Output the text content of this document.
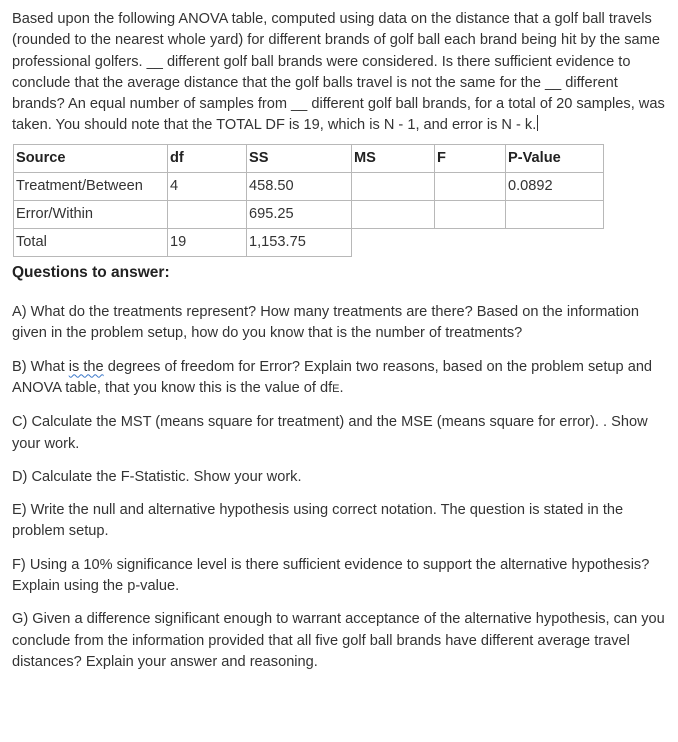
Based upon the following ANOVA table, computed using data on the distance that a golf ball travels (rounded to the nearest whole yard) for different brands of golf ball each brand being hit by the same professional golfers. __ different golf ball brands were considered. Is there sufficient evidence to conclude that the average distance that the golf balls travel is not the same for the __ different brands? An equal number of samples from __ different golf ball brands, for a total of 20 samples, was taken. You should note that the TOTAL DF is 19, which is N - 1, and error is N - k.

Source	df	SS	MS	F	P-Value
Treatment/Between	4	458.50			0.0892
Error/Within		695.25			
Total	19	1,153.75			
Questions to answer:

A) What do the treatments represent? How many treatments are there? Based on the information given in the problem setup, how do you know that is the number of treatments?

B) What is the degrees of freedom for Error? Explain two reasons, based on the problem setup and ANOVA table, that you know this is the value of dfE.

C) Calculate the MST (means square for treatment) and the MSE (means square for error). . Show your work.

D) Calculate the F-Statistic. Show your work.

E) Write the null and alternative hypothesis using correct notation. The question is stated in the problem setup.

F) Using a 10% significance level is there sufficient evidence to support the alternative hypothesis? Explain using the p-value.

G) Given a difference significant enough to warrant acceptance of the alternative hypothesis, can you conclude from the information provided that all five golf ball brands have different average travel distances? Explain your answer and reasoning.
